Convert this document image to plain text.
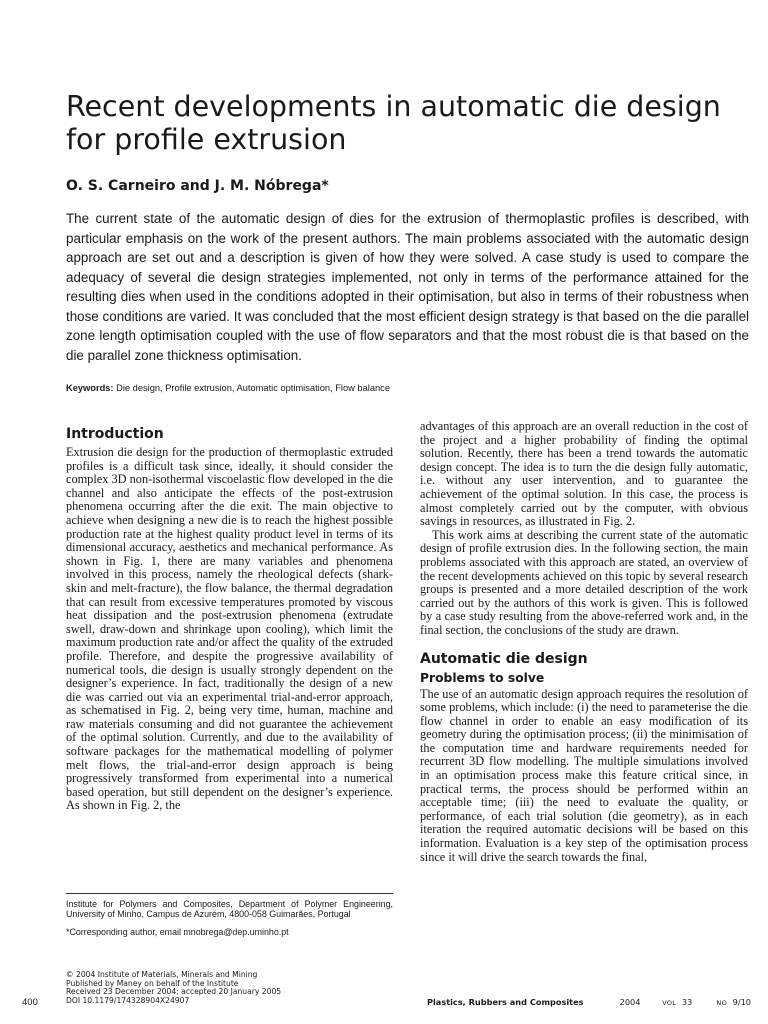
Recent developments in automatic die design for profile extrusion
O. S. Carneiro and J. M. Nóbrega*

The current state of the automatic design of dies for the extrusion of thermoplastic profiles is described, with particular emphasis on the work of the present authors. The main problems associated with the automatic design approach are set out and a description is given of how they were solved. A case study is used to compare the adequacy of several die design strategies implemented, not only in terms of the performance attained for the resulting dies when used in the conditions adopted in their optimisation, but also in terms of their robustness when those conditions are varied. It was concluded that the most efficient design strategy is that based on the die parallel zone length optimisation coupled with the use of flow separators and that the most robust die is that based on the die parallel zone thickness optimisation.

Keywords: Die design, Profile extrusion, Automatic optimisation, Flow balance
Introduction

Extrusion die design for the production of thermoplastic extruded profiles is a difficult task since, ideally, it should consider the complex 3D non-isothermal viscoelastic flow developed in the die channel and also anticipate the effects of the post-extrusion phenomena occurring after the die exit. The main objective to achieve when designing a new die is to reach the highest possible production rate at the highest quality product level in terms of its dimensional accuracy, aesthetics and mechanical performance. As shown in Fig. 1, there are many variables and phenomena involved in this process, namely the rheological defects (shark-skin and melt-fracture), the flow balance, the thermal degradation that can result from excessive temperatures promoted by viscous heat dissipation and the post-extrusion phenomena (extrudate swell, draw-down and shrinkage upon cooling), which limit the maximum production rate and/or affect the quality of the extruded profile. Therefore, and despite the progressive availability of numerical tools, die design is usually strongly dependent on the designer’s experience. In fact, traditionally the design of a new die was carried out via an experimental trial-and-error approach, as schematised in Fig. 2, being very time, human, machine and raw materials consuming and did not guarantee the achievement of the optimal solution. Currently, and due to the availability of software packages for the mathematical modelling of polymer melt flows, the trial-and-error design approach is being progressively transformed from experimental into a numerical based operation, but still dependent on the designer’s experience. As shown in Fig. 2, the

advantages of this approach are an overall reduction in the cost of the project and a higher probability of finding the optimal solution. Recently, there has been a trend towards the automatic design concept. The idea is to turn the die design fully automatic, i.e. without any user intervention, and to guarantee the achievement of the optimal solution. In this case, the process is almost completely carried out by the computer, with obvious savings in resources, as illustrated in Fig. 2.

This work aims at describing the current state of the automatic design of profile extrusion dies. In the following section, the main problems associated with this approach are stated, an overview of the recent developments achieved on this topic by several research groups is presented and a more detailed description of the work carried out by the authors of this work is given. This is followed by a case study resulting from the above-referred work and, in the final section, the conclusions of the study are drawn.

Automatic die design
Problems to solve

The use of an automatic design approach requires the resolution of some problems, which include: (i) the need to parameterise the die flow channel in order to enable an easy modification of its geometry during the optimisation process; (ii) the minimisation of the computation time and hardware requirements needed for recurrent 3D flow modelling. The multiple simulations involved in an optimisation process make this feature critical since, in practical terms, the process should be performed within an acceptable time; (iii) the need to evaluate the quality, or performance, of each trial solution (die geometry), as in each iteration the required automatic decisions will be based on this information. Evaluation is a key step of the optimisation process since it will drive the search towards the final,

Institute for Polymers and Composites, Department of Polymer Engineering, University of Minho, Campus de Azurém, 4800-058 Guimarães, Portugal

*Corresponding author, email mnobrega@dep.uminho.pt

© 2004 Institute of Materials, Minerals and Mining
Published by Maney on behalf of the Institute
Received 23 December 2004; accepted 20 January 2005
DOI 10.1179/174328904X24907
400	Plastics, Rubbers and Composites	2004	VOL 33	NO 9/10
